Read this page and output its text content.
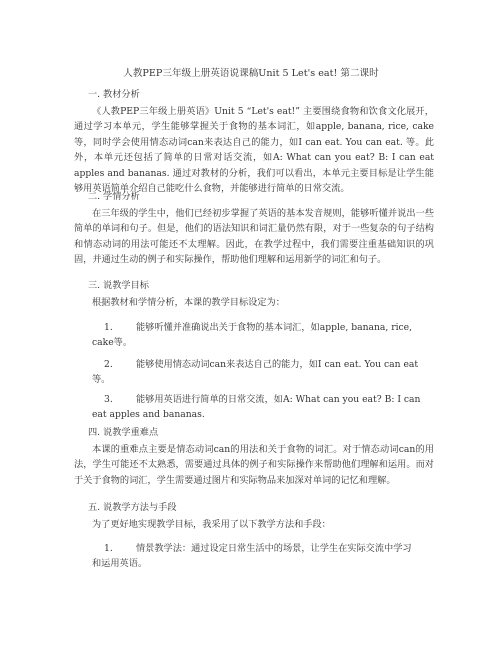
人教PEP三年级上册英语说课稿Unit 5 Let's eat! 第二课时
一. 教材分析
《人教PEP三年级上册英语》Unit 5 “Let's eat!” 主要围绕食物和饮食文化展开，通过学习本单元，学生能够掌握关于食物的基本词汇，如apple, banana, rice, cake等，同时学会使用情态动词can来表达自己的能力，如I can eat. You can eat. 等。此外，本单元还包括了简单的日常对话交流，如A: What can you eat? B: I can eat apples and bananas. 通过对教材的分析，我们可以看出，本单元主要目标是让学生能够用英语简单介绍自己能吃什么食物，并能够进行简单的日常交流。
二. 学情分析
在三年级的学生中，他们已经初步掌握了英语的基本发音规则，能够听懂并说出一些简单的单词和句子。但是，他们的语法知识和词汇量仍然有限，对于一些复杂的句子结构和情态动词的用法可能还不太理解。因此，在教学过程中，我们需要注重基础知识的巩固，并通过生动的例子和实际操作，帮助他们理解和运用新学的词汇和句子。
三. 说教学目标
根据教材和学情分析，本课的教学目标设定为：
1.	能够听懂并准确说出关于食物的基本词汇，如apple, banana, rice,
cake等。
2.	能够使用情态动词can来表达自己的能力，如I can eat. You can eat
等。
3.	能够用英语进行简单的日常交流，如A: What can you eat? B: I can
eat apples and bananas.
四. 说教学重难点
本课的重难点主要是情态动词can的用法和关于食物的词汇。对于情态动词can的用法，学生可能还不太熟悉，需要通过具体的例子和实际操作来帮助他们理解和运用。而对于关于食物的词汇，学生需要通过图片和实际物品来加深对单词的记忆和理解。
五. 说教学方法与手段
为了更好地实现教学目标，我采用了以下教学方法和手段：
1.	情景教学法：通过设定日常生活中的场景，让学生在实际交流中学习
和运用英语。
